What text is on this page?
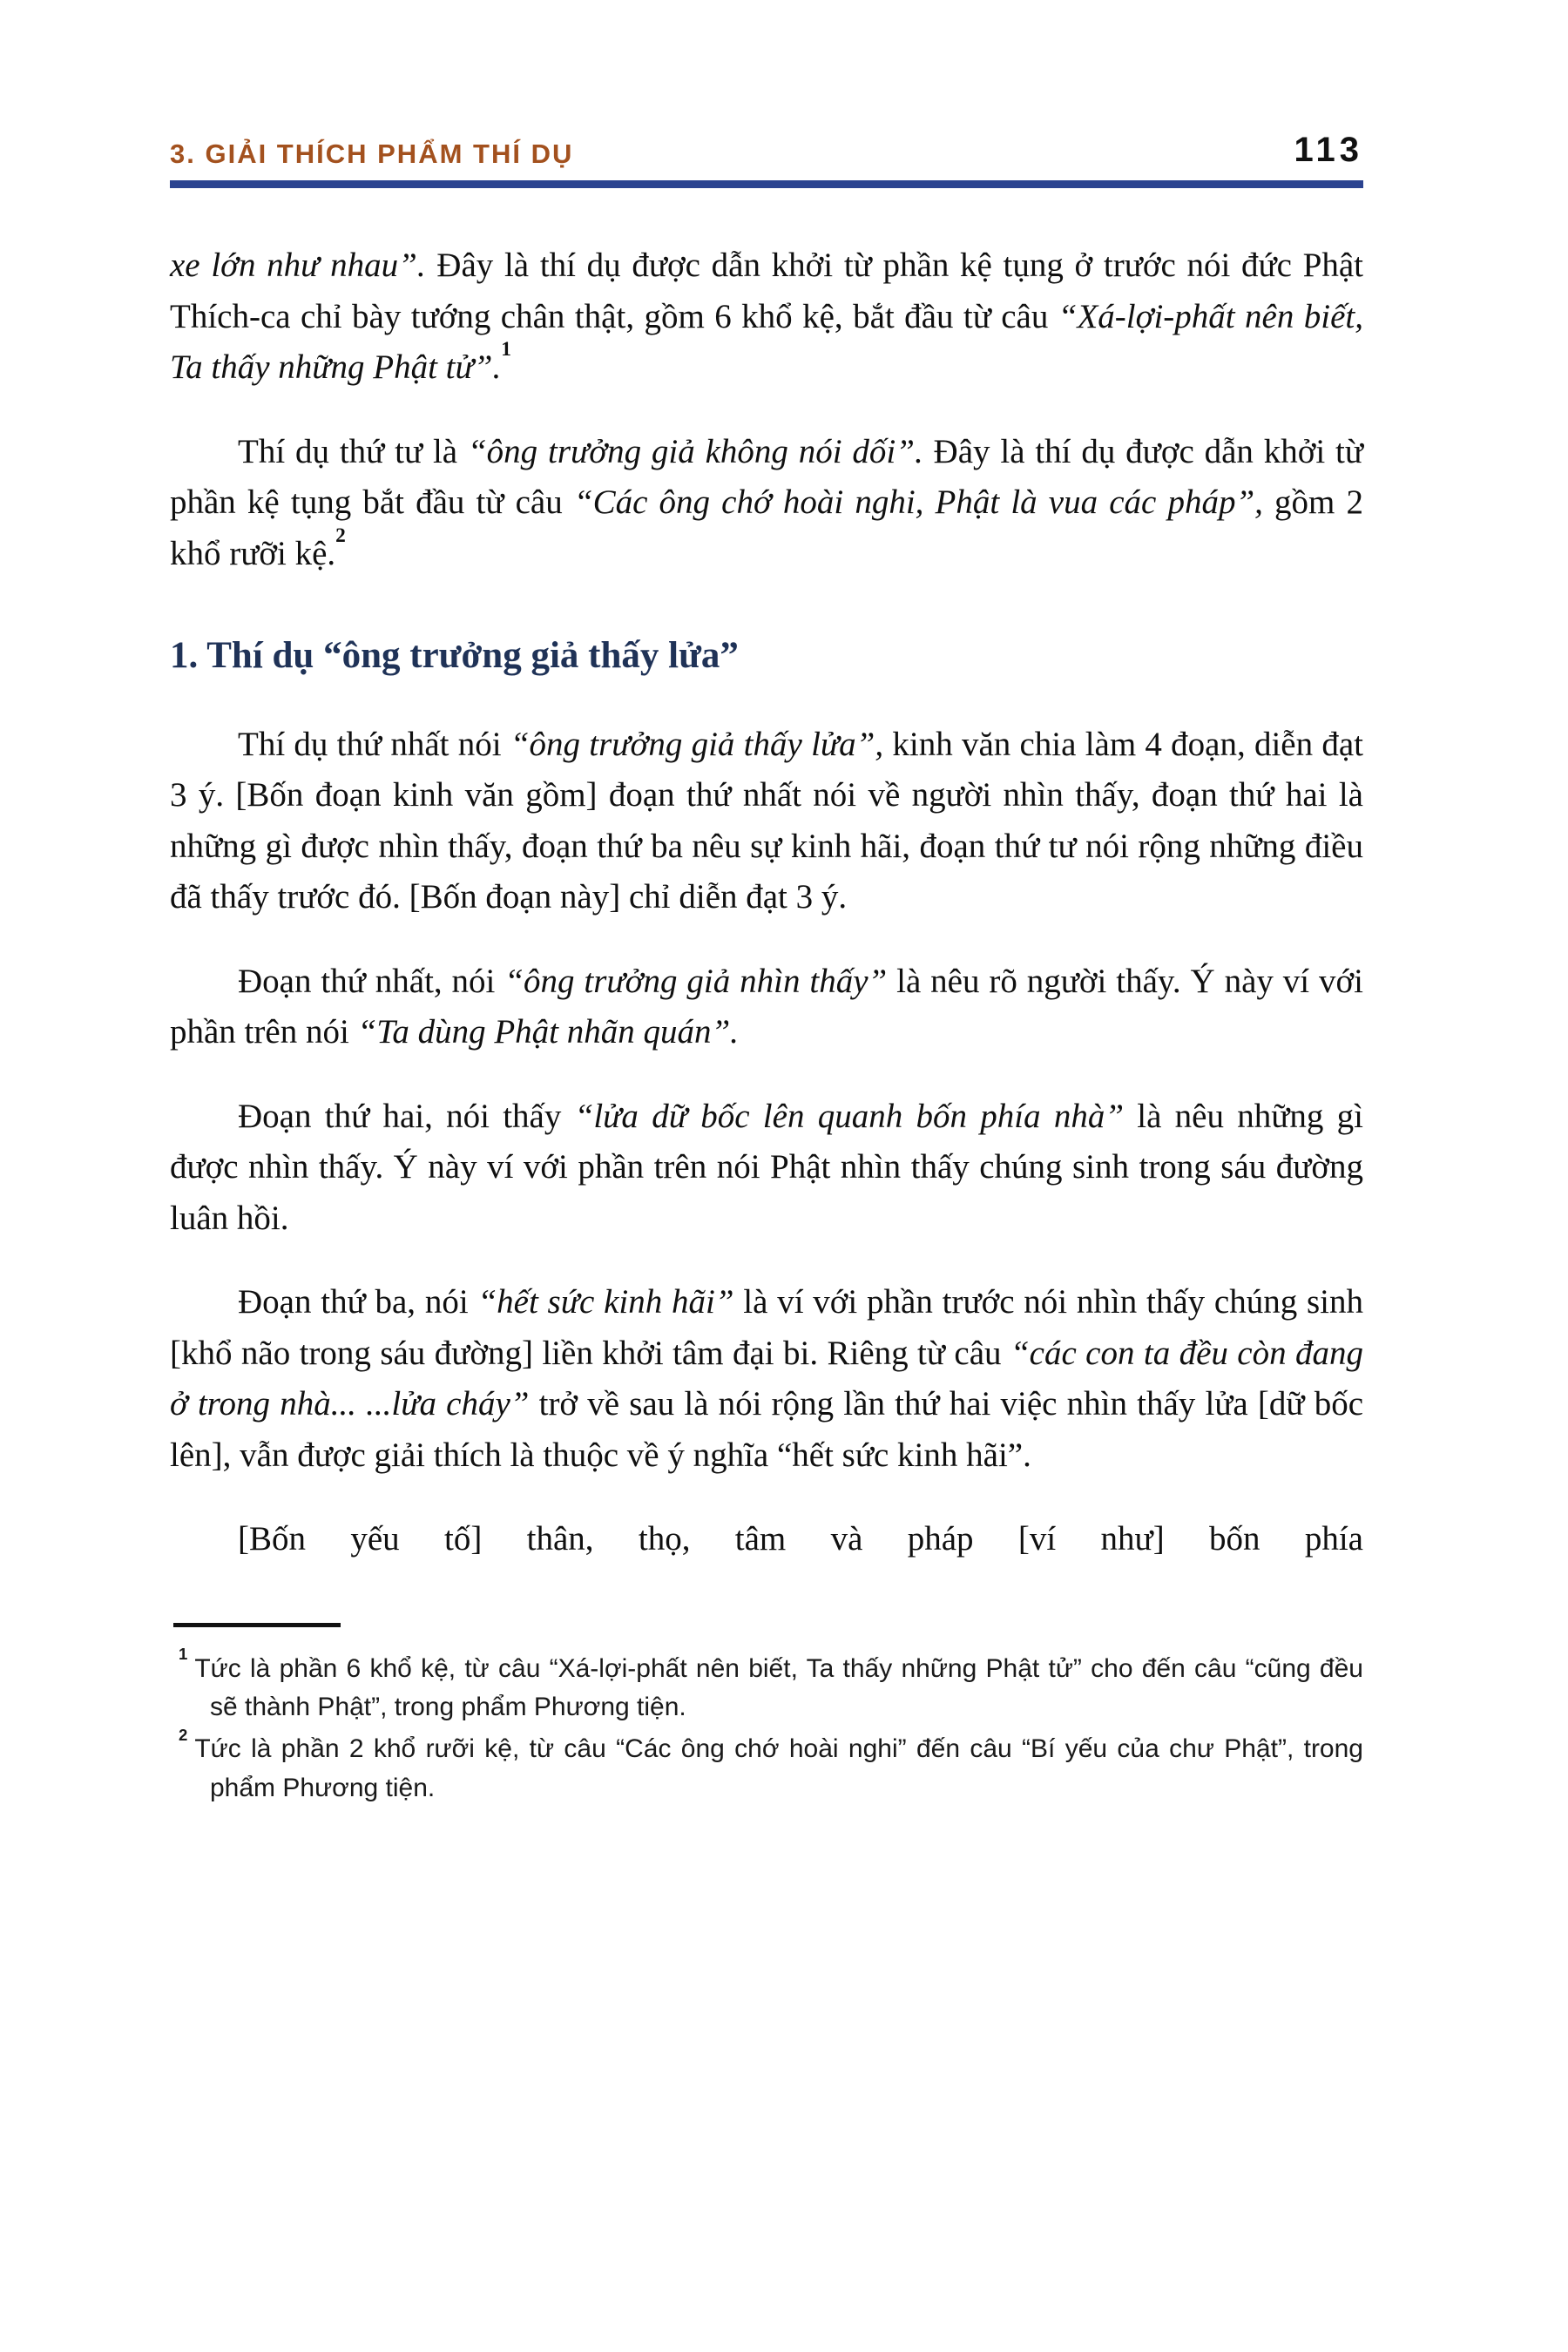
3. GIẢI THÍCH PHẨM THÍ DỤ	113

xe lớn như nhau”. Đây là thí dụ được dẫn khởi từ phần kệ tụng ở trước nói đức Phật Thích-ca chỉ bày tướng chân thật, gồm 6 khổ kệ, bắt đầu từ câu “Xá-lợi-phất nên biết, Ta thấy những Phật tử”.$^1$

Thí dụ thứ tư là “ông trưởng giả không nói dối”. Đây là thí dụ được dẫn khởi từ phần kệ tụng bắt đầu từ câu “Các ông chớ hoài nghi, Phật là vua các pháp”, gồm 2 khổ rưỡi kệ.$^2$

1. Thí dụ “ông trưởng giả thấy lửa”

Thí dụ thứ nhất nói “ông trưởng giả thấy lửa”, kinh văn chia làm 4 đoạn, diễn đạt 3 ý. [Bốn đoạn kinh văn gồm] đoạn thứ nhất nói về người nhìn thấy, đoạn thứ hai là những gì được nhìn thấy, đoạn thứ ba nêu sự kinh hãi, đoạn thứ tư nói rộng những điều đã thấy trước đó. [Bốn đoạn này] chỉ diễn đạt 3 ý.

Đoạn thứ nhất, nói “ông trưởng giả nhìn thấy” là nêu rõ người thấy. Ý này ví với phần trên nói “Ta dùng Phật nhãn quán”.

Đoạn thứ hai, nói thấy “lửa dữ bốc lên quanh bốn phía nhà” là nêu những gì được nhìn thấy. Ý này ví với phần trên nói Phật nhìn thấy chúng sinh trong sáu đường luân hồi.

Đoạn thứ ba, nói “hết sức kinh hãi” là ví với phần trước nói nhìn thấy chúng sinh [khổ não trong sáu đường] liền khởi tâm đại bi. Riêng từ câu “các con ta đều còn đang ở trong nhà... ...lửa cháy” trở về sau là nói rộng lần thứ hai việc nhìn thấy lửa [dữ bốc lên], vẫn được giải thích là thuộc về ý nghĩa “hết sức kinh hãi”.

[Bốn yếu tố] thân, thọ, tâm và pháp [ví như] bốn phía

$^1$ Tức là phần 6 khổ kệ, từ câu “Xá-lợi-phất nên biết, Ta thấy những Phật tử” cho đến câu “cũng đều sẽ thành Phật”, trong phẩm Phương tiện.
$^2$ Tức là phần 2 khổ rưỡi kệ, từ câu “Các ông chớ hoài nghi” đến câu “Bí yếu của chư Phật”, trong phẩm Phương tiện.
